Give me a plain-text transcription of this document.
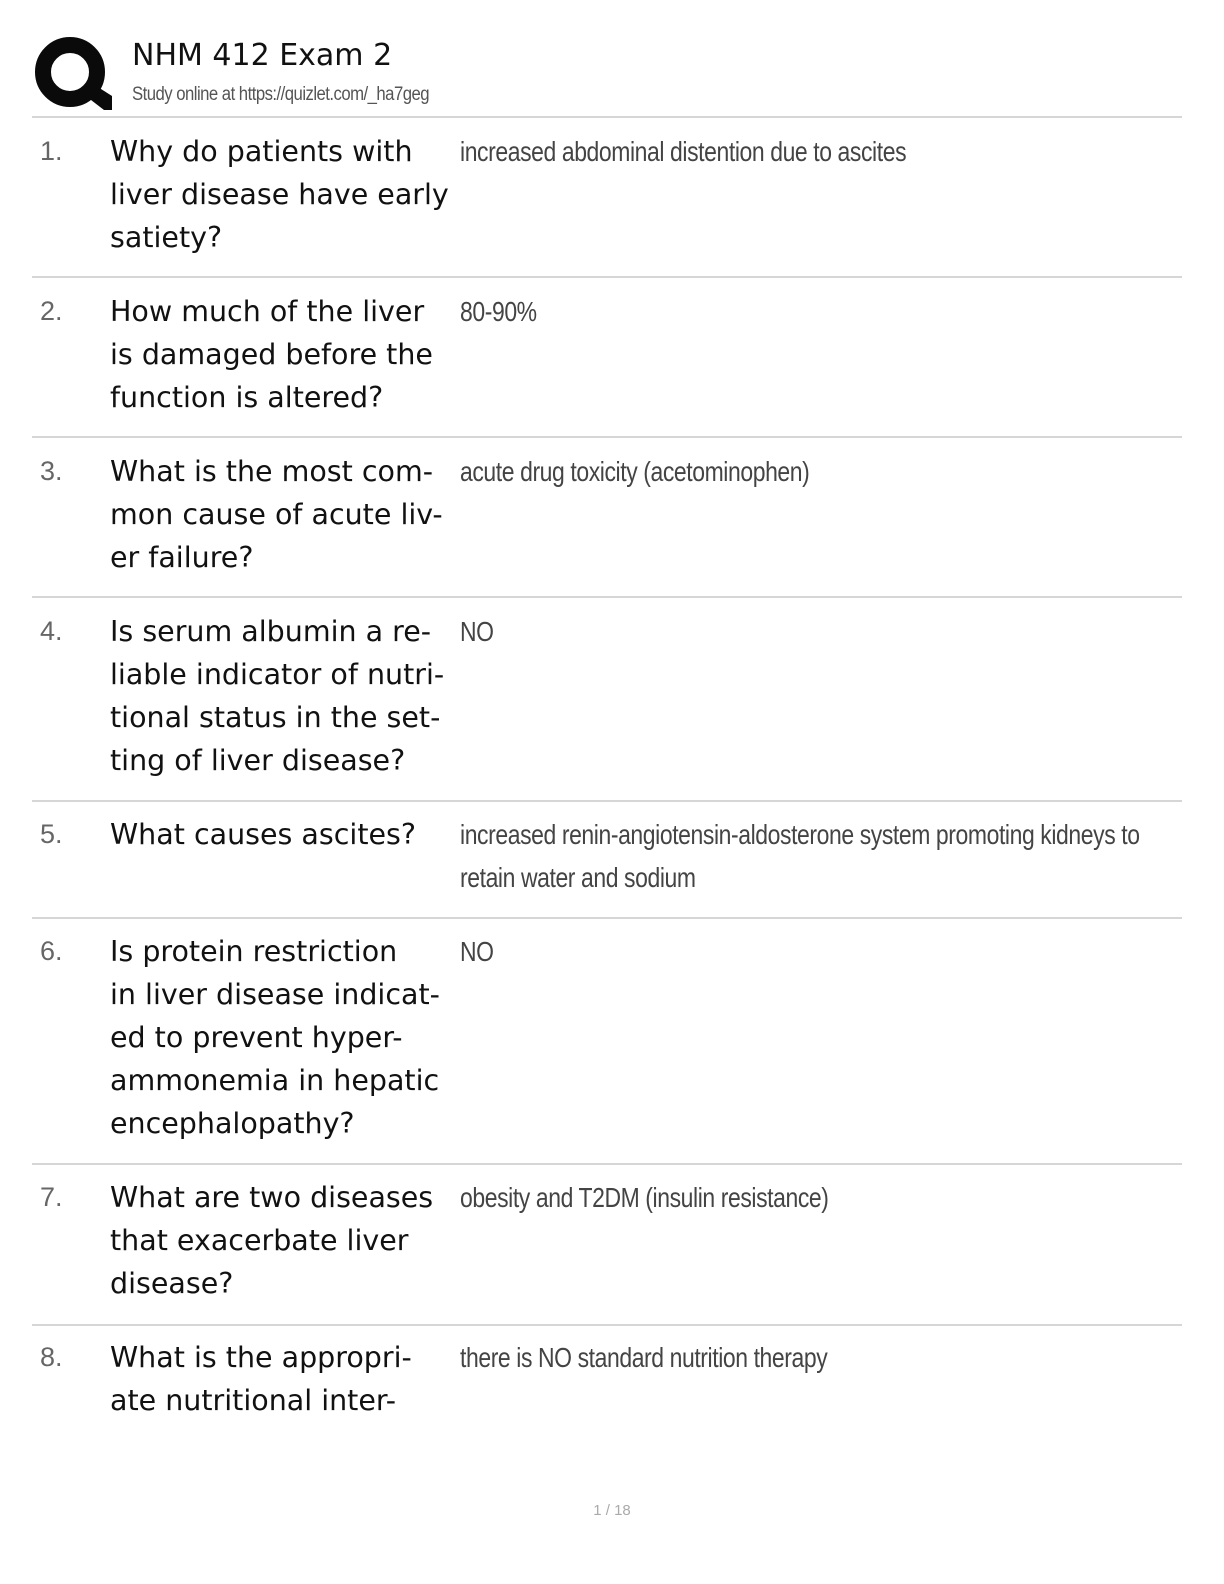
NHM 412 Exam 2
Study online at https://quizlet.com/_ha7geg
1. Why do patients with
liver disease have early
satiety?
increased abdominal distention due to ascites
2. How much of the liver
is damaged before the
function is altered?
80-90%
3. What is the most com-
mon cause of acute liv-
er failure?
acute drug toxicity (acetominophen)
4. Is serum albumin a re-
liable indicator of nutri-
tional status in the set-
ting of liver disease?
NO
5. What causes ascites?	increased renin-angiotensin-aldosterone system promoting kidneys to
retain water and sodium
6. Is protein restriction
in liver disease indicat-
ed to prevent hyper-
ammonemia in hepatic
encephalopathy?
NO
7. What are two diseases
that exacerbate liver
disease?
obesity and T2DM (insulin resistance)
8. What is the appropri-
ate nutritional inter-
there is NO standard nutrition therapy
1 / 18
